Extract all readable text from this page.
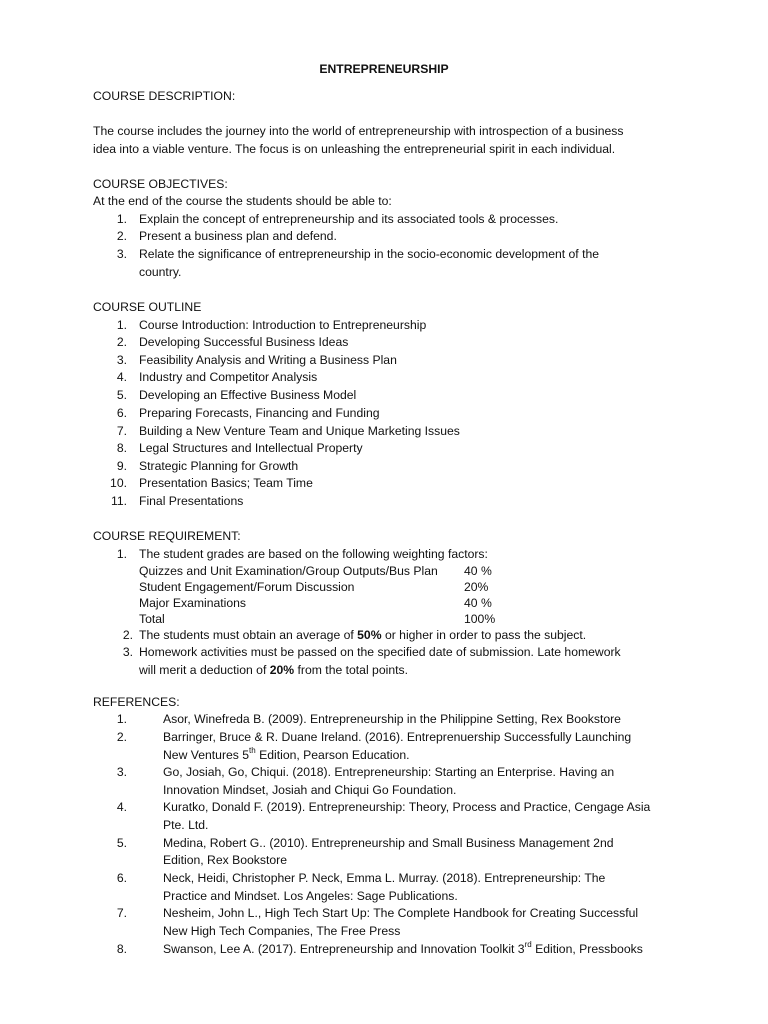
ENTREPRENEURSHIP
COURSE DESCRIPTION:
The course includes the journey into the world of entrepreneurship with introspection of a business
idea into a viable venture. The focus is on unleashing the entrepreneurial spirit in each individual.
COURSE OBJECTIVES:
At the end of the course the students should be able to:
1. Explain the concept of entrepreneurship and its associated tools & processes.
2. Present a business plan and defend.
3. Relate the significance of entrepreneurship in the socio-economic development of the
country.
COURSE OUTLINE
1. Course Introduction: Introduction to Entrepreneurship
2. Developing Successful Business Ideas
3. Feasibility Analysis and Writing a Business Plan
4. Industry and Competitor Analysis
5. Developing an Effective Business Model
6. Preparing Forecasts, Financing and Funding
7. Building a New Venture Team and Unique Marketing Issues
8. Legal Structures and Intellectual Property
9. Strategic Planning for Growth
10. Presentation Basics; Team Time
11. Final Presentations
COURSE REQUIREMENT:
1. The student grades are based on the following weighting factors:
Quizzes and Unit Examination/Group Outputs/Bus Plan 40 %
Student Engagement/Forum Discussion	20%
Major Examinations	40 %
Total	100%
2. The students must obtain an average of 50% or higher in order to pass the subject.
3. Homework activities must be passed on the specified date of submission. Late homework
will merit a deduction of 20% from the total points.
REFERENCES:
1.	Asor, Winefreda B. (2009). Entrepreneurship in the Philippine Setting, Rex Bookstore
2.	Barringer, Bruce & R. Duane Ireland. (2016). Entreprenuership Successfully Launching
New Ventures 5th Edition, Pearson Education.
3.	Go, Josiah, Go, Chiqui. (2018). Entrepreneurship: Starting an Enterprise. Having an
Innovation Mindset, Josiah and Chiqui Go Foundation.
4.	Kuratko, Donald F. (2019). Entrepreneurship: Theory, Process and Practice, Cengage Asia
Pte. Ltd.
5.	Medina, Robert G.. (2010). Entrepreneurship and Small Business Management 2nd
Edition, Rex Bookstore
6.	Neck, Heidi, Christopher P. Neck, Emma L. Murray. (2018). Entrepreneurship: The
Practice and Mindset. Los Angeles: Sage Publications.
7.	Nesheim, John L., High Tech Start Up: The Complete Handbook for Creating Successful
New High Tech Companies, The Free Press
8.	Swanson, Lee A. (2017). Entrepreneurship and Innovation Toolkit 3rd Edition, Pressbooks
